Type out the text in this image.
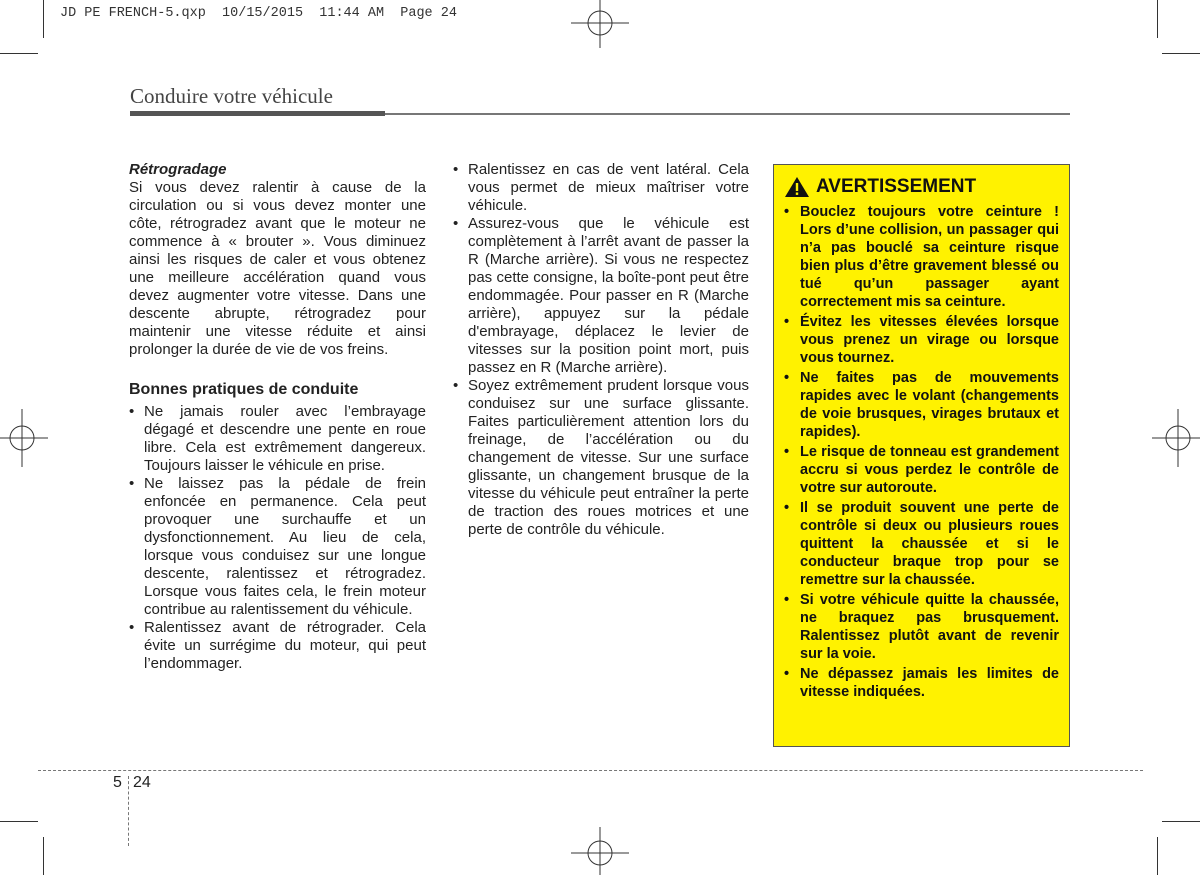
JD PE FRENCH-5.qxp  10/15/2015  11:44 AM  Page 24
Conduire votre véhicule

Rétrogradage

Si vous devez ralentir à cause de la circulation ou si vous devez monter une côte, rétrogradez avant que le moteur ne commence à « brouter ». Vous diminuez ainsi les risques de caler et vous obtenez une meilleure accélération quand vous devez augmenter votre vitesse. Dans une descente abrupte, rétrogradez pour maintenir une vitesse réduite et ainsi prolonger la durée de vie de vos freins.

Bonnes pratiques de conduite
• Ne jamais rouler avec l’embrayage dégagé et descendre une pente en roue libre. Cela est extrêmement dangereux. Toujours laisser le véhicule en prise.
• Ne laissez pas la pédale de frein enfoncée en permanence. Cela peut provoquer une surchauffe et un dysfonctionnement. Au lieu de cela, lorsque vous conduisez sur une longue descente, ralentissez et rétrogradez. Lorsque vous faites cela, le frein moteur contribue au ralentissement du véhicule.
• Ralentissez avant de rétrograder. Cela évite un surrégime du moteur, qui peut l’endommager.
• Ralentissez en cas de vent latéral. Cela vous permet de mieux maîtriser votre véhicule.
• Assurez-vous que le véhicule est complètement à l’arrêt avant de passer la R (Marche arrière). Si vous ne respectez pas cette consigne, la boîte-pont peut être endommagée. Pour passer en R (Marche arrière), appuyez sur la pédale d'embrayage, déplacez le levier de vitesses sur la position point mort, puis passez en R (Marche arrière).
• Soyez extrêmement prudent lorsque vous conduisez sur une surface glissante. Faites particulièrement attention lors du freinage, de l’accélération ou du changement de vitesse. Sur une surface glissante, un changement brusque de la vitesse du véhicule peut entraîner la perte de traction des roues motrices et une perte de contrôle du véhicule.
AVERTISSEMENT
• Bouclez toujours votre ceinture ! Lors d’une collision, un passager qui n’a pas bouclé sa ceinture risque bien plus d’être gravement blessé ou tué qu’un passager ayant correctement mis sa ceinture.
• Évitez les vitesses élevées lorsque vous prenez un virage ou lorsque vous tournez.
• Ne faites pas de mouvements rapides avec le volant (changements de voie brusques, virages brutaux et rapides).
• Le risque de tonneau est grandement accru si vous perdez le contrôle de votre sur autoroute.
• Il se produit souvent une perte de contrôle si deux ou plusieurs roues quittent la chaussée et si le conducteur braque trop pour se remettre sur la chaussée.
• Si votre véhicule quitte la chaussée, ne braquez pas brusquement. Ralentissez plutôt avant de revenir sur la voie.
• Ne dépassez jamais les limites de vitesse indiquées.
5 24
